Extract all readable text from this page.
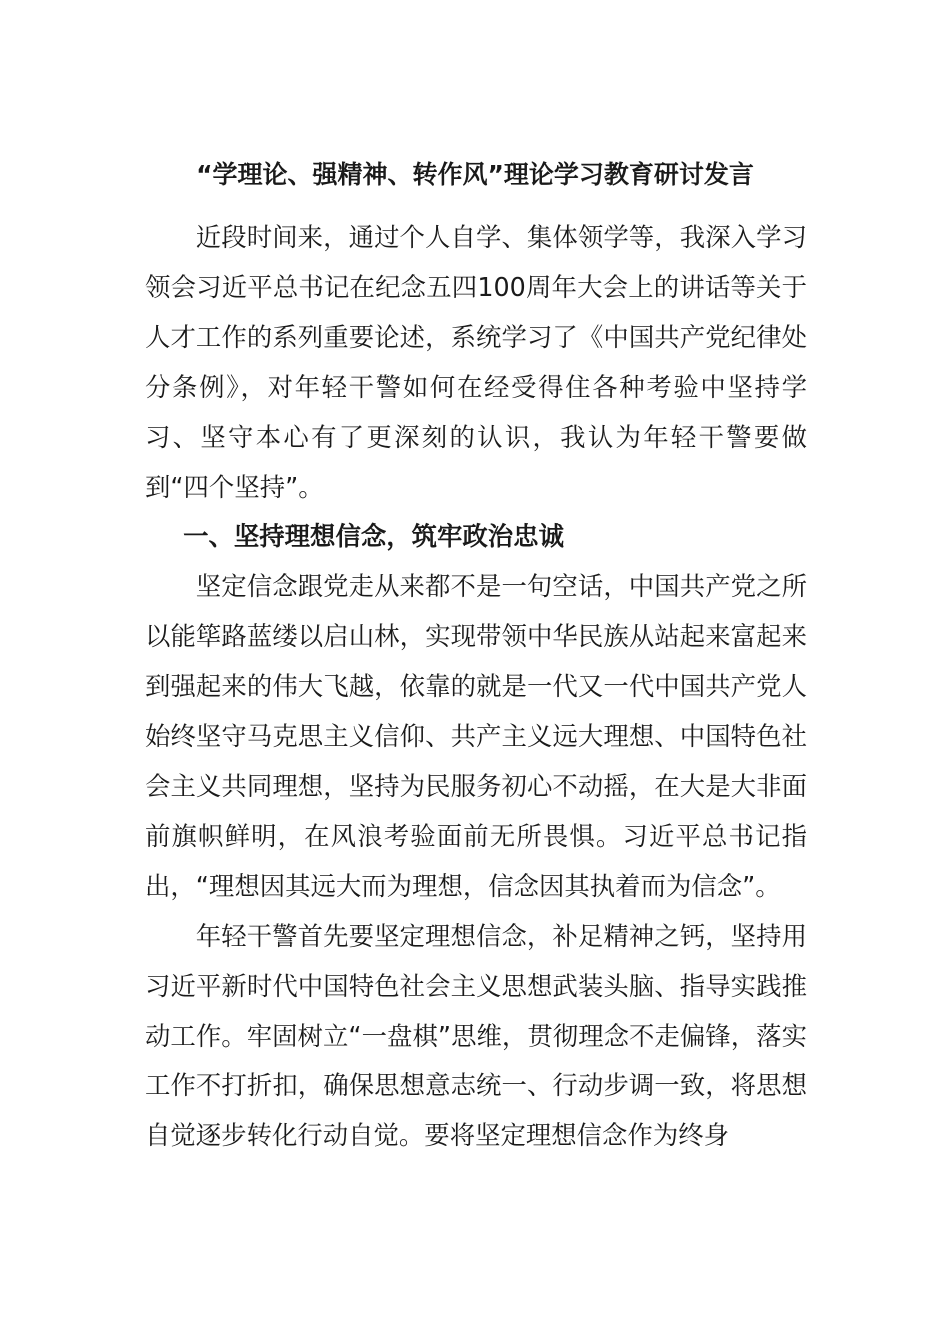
“学理论、强精神、转作风”理论学习教育研讨发言

近段时间来，通过个人自学、集体领学等，我深入学习领会习近平总书记在纪念五四100周年大会上的讲话等关于人才工作的系列重要论述，系统学习了《中国共产党纪律处分条例》，对年轻干警如何在经受得住各种考验中坚持学习、坚守本心有了更深刻的认识，我认为年轻干警要做到“四个坚持”。

一、坚持理想信念，筑牢政治忠诚

坚定信念跟党走从来都不是一句空话，中国共产党之所以能筚路蓝缕以启山林，实现带领中华民族从站起来富起来到强起来的伟大飞越，依靠的就是一代又一代中国共产党人始终坚守马克思主义信仰、共产主义远大理想、中国特色社会主义共同理想，坚持为民服务初心不动摇，在大是大非面前旗帜鲜明，在风浪考验面前无所畏惧。习近平总书记指出，“理想因其远大而为理想，信念因其执着而为信念”。

年轻干警首先要坚定理想信念，补足精神之钙，坚持用习近平新时代中国特色社会主义思想武装头脑、指导实践推动工作。牢固树立“一盘棋”思维，贯彻理念不走偏锋，落实工作不打折扣，确保思想意志统一、行动步调一致，将思想自觉逐步转化行动自觉。要将坚定理想信念作为终身
